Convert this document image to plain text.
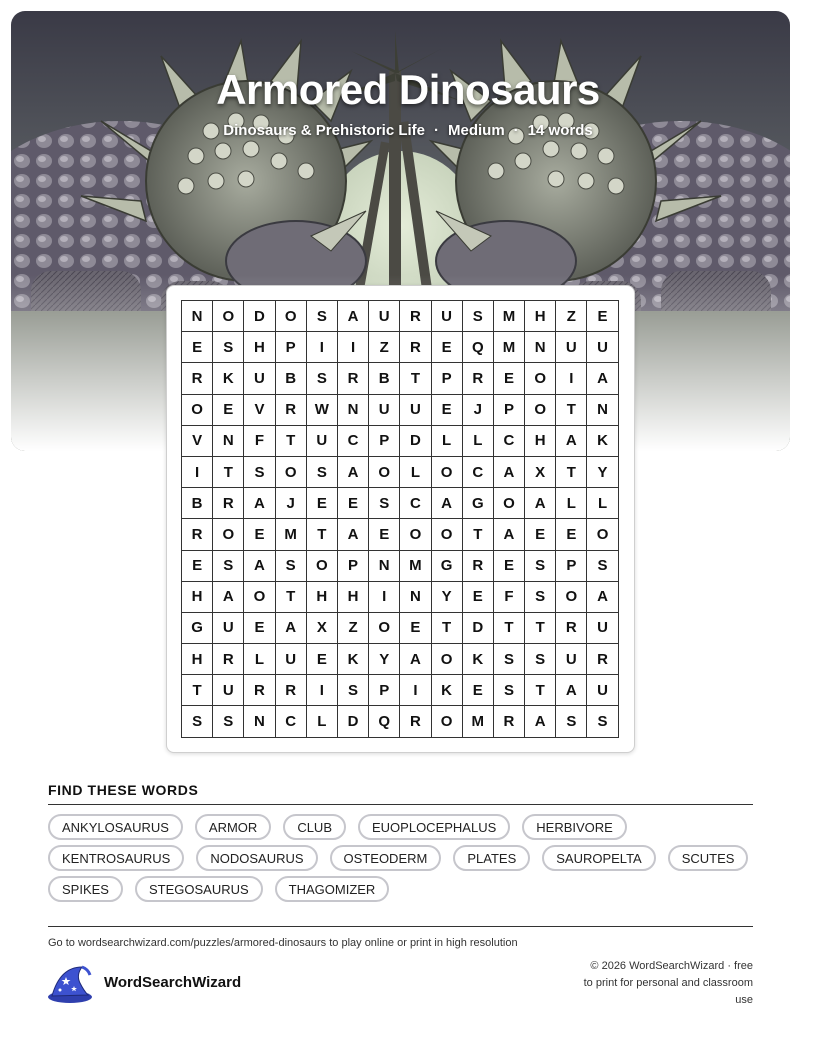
Armored Dinosaurs
Dinosaurs & Prehistoric Life · Medium · 14 words
N	O	D	O	S	A	U	R	U	S	M	H	Z	E
E	S	H	P	I	I	Z	R	E	Q	M	N	U	U
R	K	U	B	S	R	B	T	P	R	E	O	I	A
O	E	V	R	W	N	U	U	E	J	P	O	T	N
V	N	F	T	U	C	P	D	L	L	C	H	A	K
I	T	S	O	S	A	O	L	O	C	A	X	T	Y
B	R	A	J	E	E	S	C	A	G	O	A	L	L
R	O	E	M	T	A	E	O	O	T	A	E	E	O
E	S	A	S	O	P	N	M	G	R	E	S	P	S
H	A	O	T	H	H	I	N	Y	E	F	S	O	A
G	U	E	A	X	Z	O	E	T	D	T	T	R	U
H	R	L	U	E	K	Y	A	O	K	S	S	U	R
T	U	R	R	I	S	P	I	K	E	S	T	A	U
S	S	N	C	L	D	Q	R	O	M	R	A	S	S
FIND THESE WORDS
ANKYLOSAURUS	ARMOR	CLUB	EUOPLOCEPHALUS	HERBIVORE
KENTROSAURUS	NODOSAURUS	OSTEODERM	PLATES	SAUROPELTA	SCUTES
SPIKES	STEGOSAURUS	THAGOMIZER
Go to wordsearchwizard.com/puzzles/armored-dinosaurs to play online or print in high resolution
WordSearchWizard
© 2026 WordSearchWizard · free to print for personal and classroom use
